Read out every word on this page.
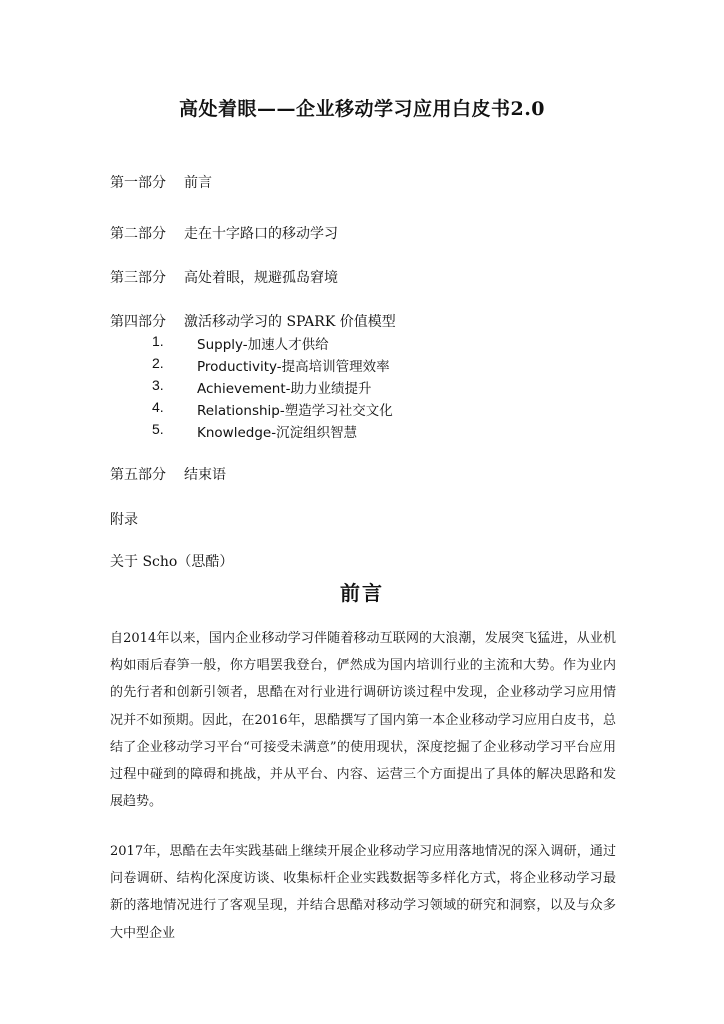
高处着眼——企业移动学习应用白皮书2.0
第一部分	前言
第二部分	走在十字路口的移动学习
第三部分	高处着眼，规避孤岛窘境
第四部分	激活移动学习的 SPARK 价值模型
1.	Supply-加速人才供给
2.	Productivity-提高培训管理效率
3.	Achievement-助力业绩提升
4.	Relationship-塑造学习社交文化
5.	Knowledge-沉淀组织智慧
第五部分	结束语
附录
关于 Scho（思酷）
前言

自2014年以来，国内企业移动学习伴随着移动互联网的大浪潮，发展突飞猛进，从业机构如雨后春笋一般，你方唱罢我登台，俨然成为国内培训行业的主流和大势。作为业内的先行者和创新引领者，思酷在对行业进行调研访谈过程中发现，企业移动学习应用情况并不如预期。因此，在2016年，思酷撰写了国内第一本企业移动学习应用白皮书，总结了企业移动学习平台“可接受未满意”的使用现状，深度挖掘了企业移动学习平台应用过程中碰到的障碍和挑战，并从平台、内容、运营三个方面提出了具体的解决思路和发展趋势。

2017年，思酷在去年实践基础上继续开展企业移动学习应用落地情况的深入调研，通过问卷调研、结构化深度访谈、收集标杆企业实践数据等多样化方式，将企业移动学习最新的落地情况进行了客观呈现，并结合思酷对移动学习领域的研究和洞察，以及与众多大中型企业
